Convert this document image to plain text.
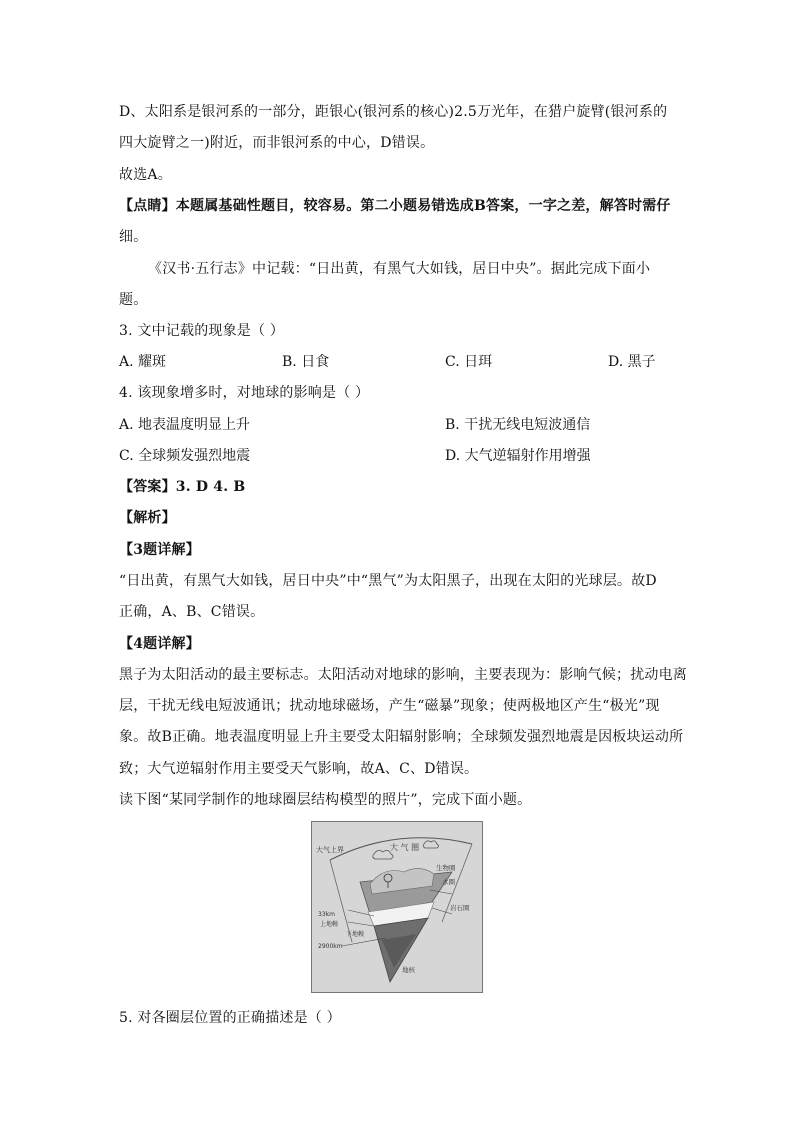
D、太阳系是银河系的一部分，距银心(银河系的核心)2.5万光年，在猎户旋臂(银河系的
四大旋臂之一)附近，而非银河系的中心，D错误。
故选A。
【点睛】本题属基础性题目，较容易。第二小题易错选成B答案，一字之差，解答时需仔
细。
《汉书·五行志》中记载：“日出黄，有黑气大如钱，居日中央”。据此完成下面小
题。
3. 文中记载的现象是（ ）
A. 耀斑	B. 日食	C. 日珥	D. 黑子
4. 该现象增多时，对地球的影响是（ ）
A. 地表温度明显上升	B. 干扰无线电短波通信
C. 全球频发强烈地震	D. 大气逆辐射作用增强
【答案】3. D 4. B
【解析】
【3题详解】
“日出黄，有黑气大如钱，居日中央”中“黑气”为太阳黑子，出现在太阳的光球层。故D
正确，A、B、C错误。
【4题详解】
黑子为太阳活动的最主要标志。太阳活动对地球的影响，主要表现为：影响气候；扰动电离
层，干扰无线电短波通讯；扰动地球磁场，产生“磁暴”现象；使两极地区产生“极光”现
象。故B正确。地表温度明显上升主要受太阳辐射影响；全球频发强烈地震是因板块运动所
致；大气逆辐射作用主要受天气影响，故A、C、D错误。
读下图“某同学制作的地球圈层结构模型的照片”，完成下面小题。
大气上界	大 气 圈
生物圈
水圈
岩石圈
33km
上地幔
下地幔
2900km
地核
5. 对各圈层位置的正确描述是（ ）
